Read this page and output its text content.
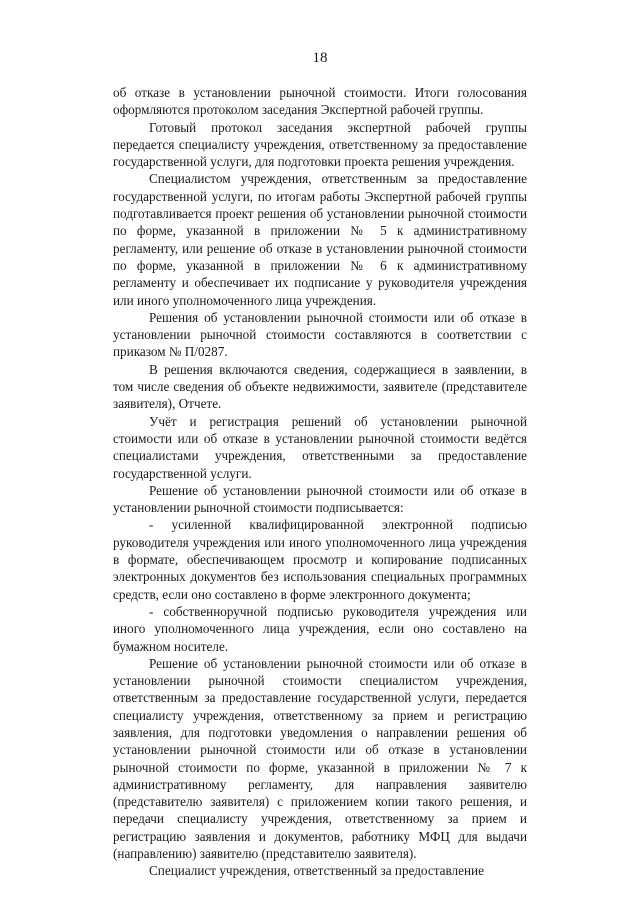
18

об отказе в установлении рыночной стоимости. Итоги голосования оформляются протоколом заседания Экспертной рабочей группы.

Готовый протокол заседания экспертной рабочей группы передается специалисту учреждения, ответственному за предоставление государственной услуги, для подготовки проекта решения учреждения.

Специалистом учреждения, ответственным за предоставление государственной услуги, по итогам работы Экспертной рабочей группы подготавливается проект решения об установлении рыночной стоимости по форме, указанной в приложении № 5 к административному регламенту, или решение об отказе в установлении рыночной стоимости по форме, указанной в приложении № 6 к административному регламенту и обеспечивает их подписание у руководителя учреждения или иного уполномоченного лица учреждения.

Решения об установлении рыночной стоимости или об отказе в установлении рыночной стоимости составляются в соответствии с приказом № П/0287.

В решения включаются сведения, содержащиеся в заявлении, в том числе сведения об объекте недвижимости, заявителе (представителе заявителя), Отчете.

Учёт и регистрация решений об установлении рыночной стоимости или об отказе в установлении рыночной стоимости ведётся специалистами учреждения, ответственными за предоставление государственной услуги.

Решение об установлении рыночной стоимости или об отказе в установлении рыночной стоимости подписывается:

- усиленной квалифицированной электронной подписью руководителя учреждения или иного уполномоченного лица учреждения в формате, обеспечивающем просмотр и копирование подписанных электронных документов без использования специальных программных средств, если оно составлено в форме электронного документа;

- собственноручной подписью руководителя учреждения или иного уполномоченного лица учреждения, если оно составлено на бумажном носителе.

Решение об установлении рыночной стоимости или об отказе в установлении рыночной стоимости специалистом учреждения, ответственным за предоставление государственной услуги, передается специалисту учреждения, ответственному за прием и регистрацию заявления, для подготовки уведомления о направлении решения об установлении рыночной стоимости или об отказе в установлении рыночной стоимости по форме, указанной в приложении № 7 к административному регламенту, для направления заявителю (представителю заявителя) с приложением копии такого решения, и передачи специалисту учреждения, ответственному за прием и регистрацию заявления и документов, работнику МФЦ для выдачи (направлению) заявителю (представителю заявителя).

Специалист учреждения, ответственный за предоставление
